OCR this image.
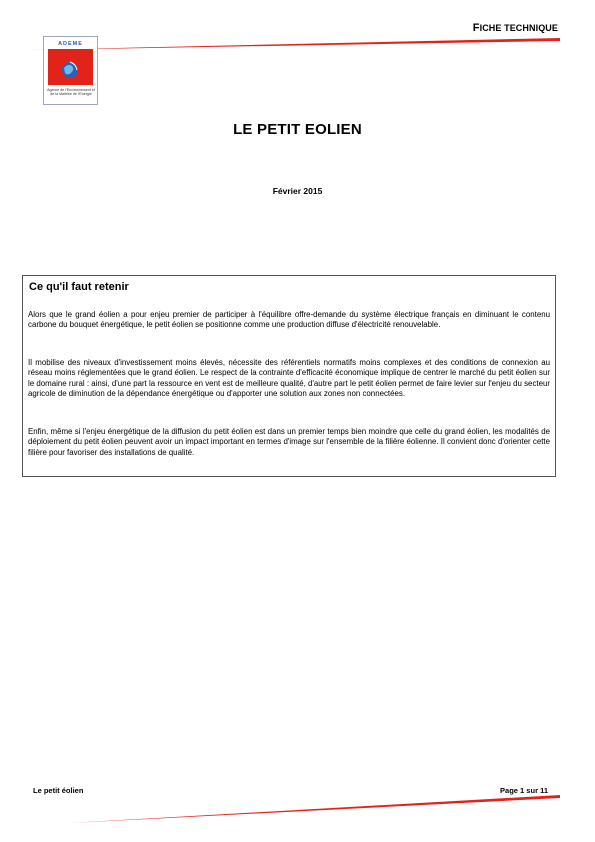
FICHE TECHNIQUE
ADEME
Agence de l'Environnement et de la Maîtrise de l'Energie
LE PETIT EOLIEN
Février 2015
Ce qu'il faut retenir

Alors que le grand éolien a pour enjeu premier de participer à l'équilibre offre-demande du système électrique français en diminuant le contenu carbone du bouquet énergétique, le petit éolien se positionne comme une production diffuse d'électricité renouvelable.

Il mobilise des niveaux d'investissement moins élevés, nécessite des référentiels normatifs moins complexes et des conditions de connexion au réseau moins réglementées que le grand éolien. Le respect de la contrainte d'efficacité économique implique de centrer le marché du petit éolien sur le domaine rural : ainsi, d'une part la ressource en vent est de meilleure qualité, d'autre part le petit éolien permet de faire levier sur l'enjeu du secteur agricole de diminution de la dépendance énergétique ou d'apporter une solution aux zones non connectées.

Enfin, même si l'enjeu énergétique de la diffusion du petit éolien est dans un premier temps bien moindre que celle du grand éolien, les modalités de déploiement du petit éolien peuvent avoir un impact important en termes d'image sur l'ensemble de la filière éolienne. Il convient donc d'orienter cette filière pour favoriser des installations de qualité.

Le petit éolien	Page 1 sur 11
